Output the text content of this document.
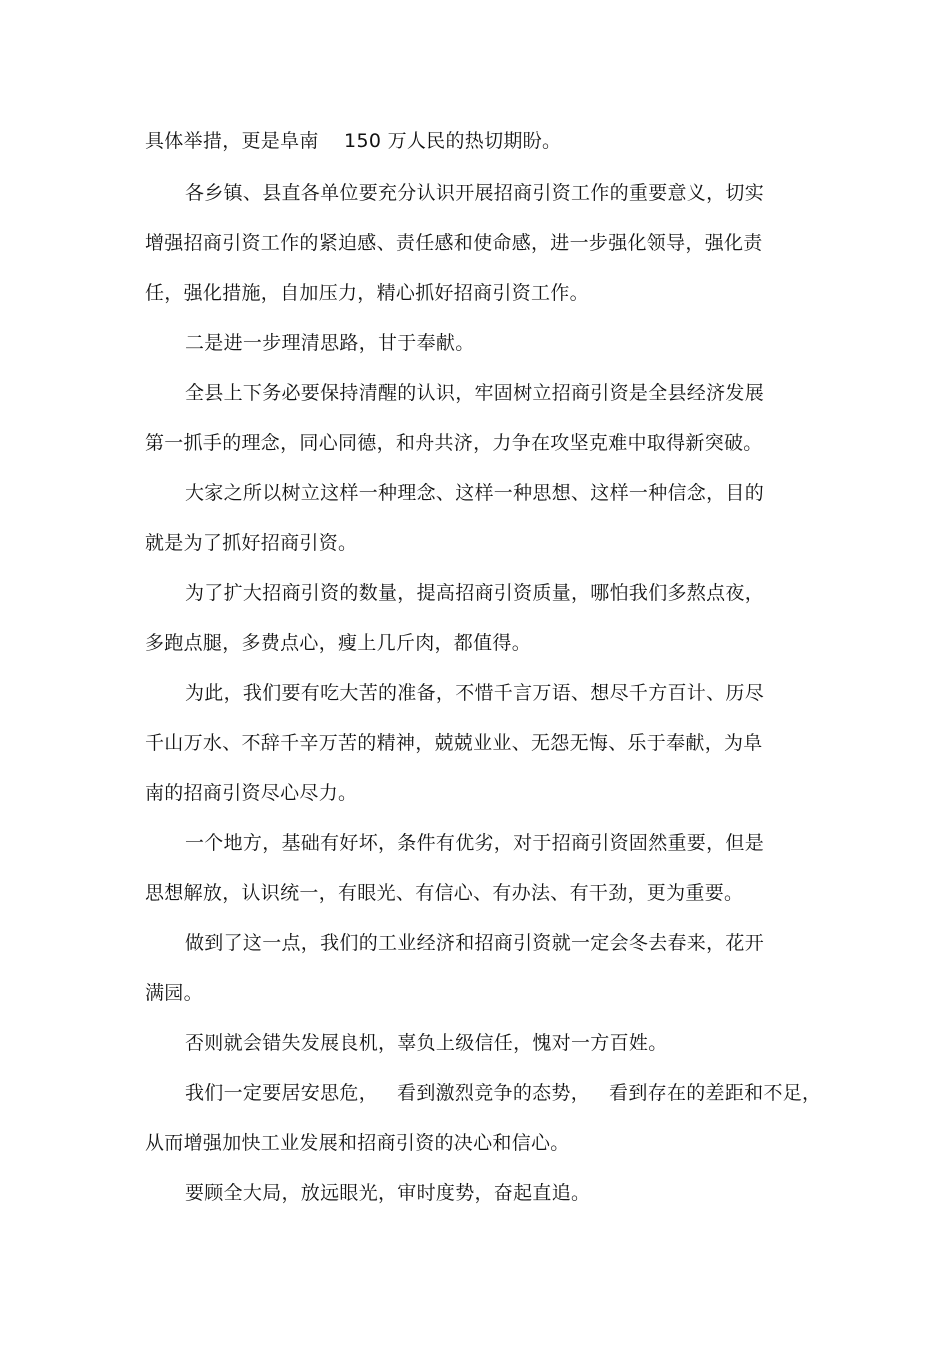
具体举措，更是阜南    150 万人民的热切期盼。
各乡镇、县直各单位要充分认识开展招商引资工作的重要意义，切实
增强招商引资工作的紧迫感、责任感和使命感，进一步强化领导，强化责
任，强化措施，自加压力，精心抓好招商引资工作。
二是进一步理清思路，甘于奉献。
全县上下务必要保持清醒的认识，牢固树立招商引资是全县经济发展
第一抓手的理念，同心同德，和舟共济，力争在攻坚克难中取得新突破。
大家之所以树立这样一种理念、这样一种思想、这样一种信念，目的
就是为了抓好招商引资。
为了扩大招商引资的数量，提高招商引资质量，哪怕我们多熬点夜，
多跑点腿，多费点心，瘦上几斤肉，都值得。
为此，我们要有吃大苦的准备，不惜千言万语、想尽千方百计、历尽
千山万水、不辞千辛万苦的精神，兢兢业业、无怨无悔、乐于奉献，为阜
南的招商引资尽心尽力。
一个地方，基础有好坏，条件有优劣，对于招商引资固然重要，但是
思想解放，认识统一，有眼光、有信心、有办法、有干劲，更为重要。
做到了这一点，我们的工业经济和招商引资就一定会冬去春来，花开
满园。
否则就会错失发展良机，辜负上级信任，愧对一方百姓。
我们一定要居安思危，   看到激烈竞争的态势，   看到存在的差距和不足，
从而增强加快工业发展和招商引资的决心和信心。
要顾全大局，放远眼光，审时度势，奋起直追。
